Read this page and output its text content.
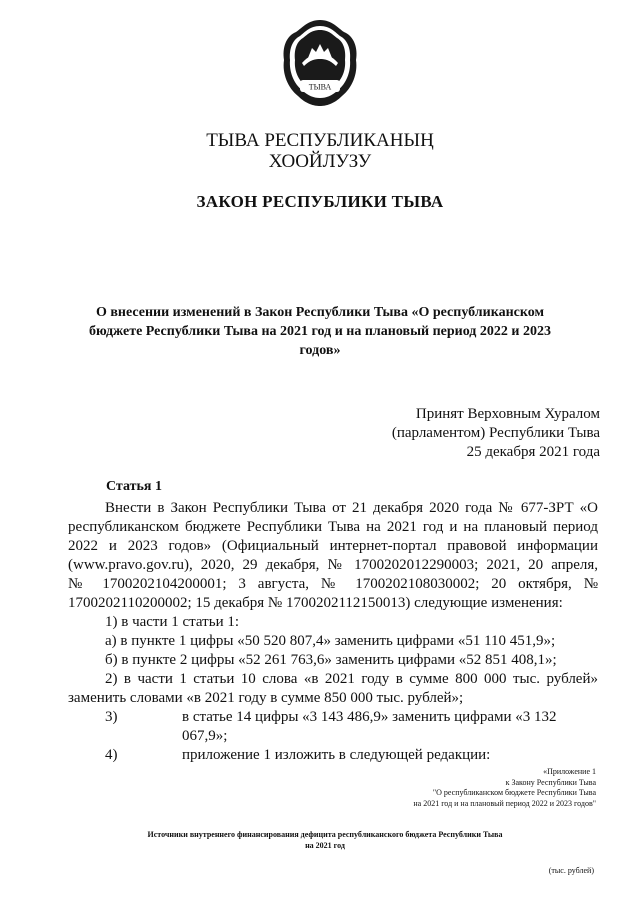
ТЫВА
ТЫВА РЕСПУБЛИКАНЫҢ
ХООЙЛУЗУ
ЗАКОН РЕСПУБЛИКИ ТЫВА
О внесении изменений в Закон Республики Тыва «О республиканском бюджете Республики Тыва на 2021 год и на плановый период 2022 и 2023 годов»
Принят Верховным Хуралом
(парламентом) Республики Тыва
25 декабря 2021 года
Статья 1

Внести в Закон Республики Тыва от 21 декабря 2020 года № 677-ЗРТ «О

республиканском бюджете Республики Тыва на 2021 год и на плановый период

2022 и 2023 годов» (Официальный интернет-портал правовой информации

(www.pravo.gov.ru), 2020, 29 декабря, № 1700202012290003; 2021, 20 апреля,

№ 1700202104200001; 3 августа, № 1700202108030002; 20 октября, №

1700202110200002; 15 декабря № 1700202112150013) следующие изменения:

1) в части 1 статьи 1:

а) в пункте 1 цифры «50 520 807,4» заменить цифрами «51 110 451,9»;

б) в пункте 2 цифры «52 261 763,6» заменить цифрами «52 851 408,1»;

2) в части 1 статьи 10 слова «в 2021 году в сумме 800 000 тыс. рублей»

заменить словами «в 2021 году в сумме 850 000 тыс. рублей»;

3)	в статье 14 цифры «3 143 486,9» заменить цифрами «3 132 067,9»;
4)	приложение 1 изложить в следующей редакции:
«Приложение 1
к Закону Республики Тыва
"О республиканском бюджете Республики Тыва
на 2021 год и на плановый период 2022 и 2023 годов"
Источники внутреннего финансирования дефицита республиканского бюджета Республики Тыва
на 2021 год
(тыс. рублей)
